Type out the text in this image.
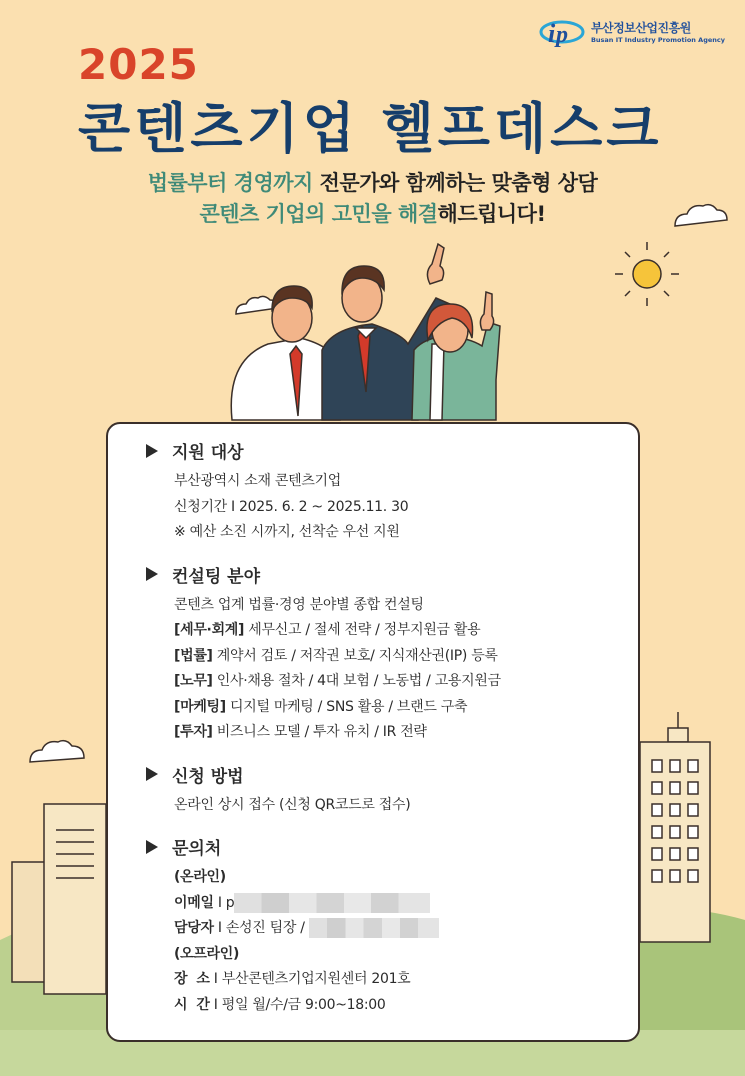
i p 부산정보산업진흥원
Busan IT Industry Promotion Agency
2025
콘텐츠기업 헬프데스크
법률부터 경영까지 전문가와 함께하는 맞춤형 상담
콘텐츠 기업의 고민을 해결해드립니다!
지원 대상
부산광역시 소재 콘텐츠기업
신청기간 I 2025. 6. 2 ~ 2025.11. 30
※ 예산 소진 시까지, 선착순 우선 지원
컨설팅 분야
콘텐츠 업계 법률·경영 분야별 종합 컨설팅
[세무·회계] 세무신고 / 절세 전략 / 정부지원금 활용
[법률] 계약서 검토 / 저작권 보호/ 지식재산권(IP) 등록
[노무] 인사·채용 절차 / 4대 보험 / 노동법 / 고용지원금
[마케팅] 디지털 마케팅 / SNS 활용 / 브랜드 구축
[투자] 비즈니스 모델 / 투자 유치 / IR 전략
신청 방법
온라인 상시 접수 (신청 QR코드로 접수)
문의처
(온라인)
이메일 I p
담당자 I 손성진 팀장 /
(오프라인)
장  소 I 부산콘텐츠기업지원센터 201호
시  간 I 평일 월/수/금 9:00~18:00
